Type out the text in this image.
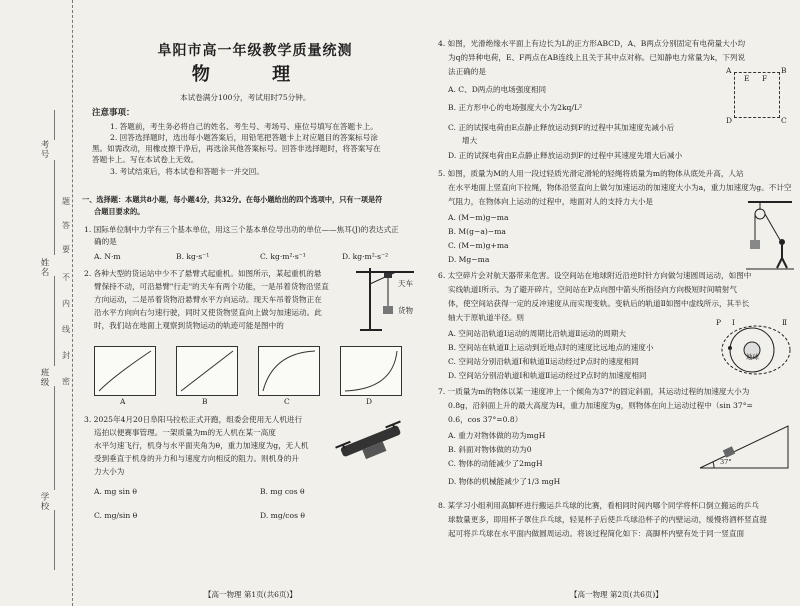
考号
姓名
班级
学校
题
答
要
不
内
线
封
密
阜阳市高一年级教学质量统测
物 理
本试卷满分100分，考试用时75分钟。
注意事项：
1. 答题前，考生务必将自己的姓名、考生号、考场号、座位号填写在答题卡上。
2. 回答选择题时，选出每小题答案后，用铅笔把答题卡上对应题目的答案标号涂
黑。如需改动，用橡皮擦干净后，再选涂其他答案标号。回答非选择题时，将答案写在
答题卡上。写在本试卷上无效。
3. 考试结束后，将本试卷和答题卡一并交回。
一、选择题：本题共8小题，每小题4分，共32分。在每小题给出的四个选项中，只有一项是符
合题目要求的。
1. 国际单位制中力学有三个基本单位，用这三个基本单位导出功的单位——焦耳(J)的表达式正
确的是
A. N·m	B. kg·s⁻¹	C. kg·m²·s⁻¹	D. kg·m²·s⁻²
2. 各种大型的货运站中少不了悬臂式起重机。如图所示，某起重机的悬
臂保持不动，可沿悬臂"行走"的天车有两个功能，一是吊着货物沿竖直
方向运动，二是吊着货物沿悬臂水平方向运动。现天车吊着货物正在
沿水平方向向右匀速行驶，同时又使货物竖直向上做匀加速运动。此
时，我们站在地面上观察到货物运动的轨迹可能是图中的
天车
货物
A	B	C	D
3. 2025年4月20日阜阳马拉松正式开跑，组委会使用无人机进行
巡拍以便赛事管理。一架质量为m的无人机在某一高度
水平匀速飞行，机身与水平面夹角为θ，重力加速度为g，无人机
受到垂直于机身的升力和与速度方向相反的阻力。则机身的升
力大小为
A. mg sin θ	B. mg cos θ
C. mg/sin θ	D. mg/cos θ
【高一物理 第1页(共6页)】
4. 如图，光滑绝缘水平面上有边长为L的正方形ABCD，A、B两点分别固定有电荷量大小均
为q的异种电荷，E、F两点在AB连线上且关于其中点对称。已知静电力常量为k，下列说
法正确的是
A. C、D两点的电场强度相同
B. 正方形中心的电场强度大小为2kq/L²
C. 正的试探电荷由E点静止释放运动到F的过程中其加速度先减小后
增大
D. 正的试探电荷由E点静止释放运动到F的过程中其速度先增大后减小
A
E F
B
C
D
5. 如图，质量为M的人用一段过轻质光滑定滑轮的轻绳将质量为m的物体从底处升高，人站
在水平地面上竖直向下拉绳，物体沿竖直向上做匀加速运动的加速度大小为a，重力加速度为g。不计空
气阻力，在物体向上运动的过程中，地面对人的支持力大小是
A. (M−m)g−ma
B. M(g−a)−ma
C. (M−m)g+ma
D. Mg−ma
6. 太空碎片会对航天器带来危害。设空间站在地球附近沿逆时针方向做匀速圆周运动，如图中
实线轨道Ⅰ所示。为了避开碎片，空间站在P点向图中箭头所指径向方向极短时间喷射气
体，使空间站获得一定的反冲速度从而实现变轨。变轨后的轨道Ⅱ如图中虚线所示，其半长
轴大于原轨道半径。则
A. 空间站沿轨道Ⅰ运动的周期比沿轨道Ⅱ运动的周期大
B. 空间站在轨道Ⅱ上运动到近地点时的速度比远地点的速度小
C. 空间站分别沿轨道Ⅰ和轨道Ⅱ运动经过P点时的速度相同
D. 空间站分别沿轨道Ⅰ和轨道Ⅱ运动经过P点时的加速度相同
P Ⅰ	Ⅱ
地球
7. 一质量为m的物体以某一速度冲上一个倾角为37°的固定斜面，其运动过程的加速度大小为
0.8g，沿斜面上升的最大高度为H，重力加速度为g，则物体在向上运动过程中（sin 37°=
0.6，cos 37°=0.8）
A. 重力对物体做的功为mgH
B. 斜面对物体做的功为0
C. 物体的动能减少了2mgH
D. 物体的机械能减少了1/3 mgH
37°
8. 某学习小组利用高脚杯进行搬运乒乓球的比赛，看相同时间内哪个同学将杯口倒立搬运的乒乓
球数量更多，即用杯子罩住乒乓球，轻晃杯子后使乒乓球沿杯子的内壁运动，缓慢将酒杯竖直提
起可将乒乓球在水平面内做圆周运动。将该过程简化如下：高脚杯内壁有处于同一竖直面
【高一物理 第2页(共6页)】
